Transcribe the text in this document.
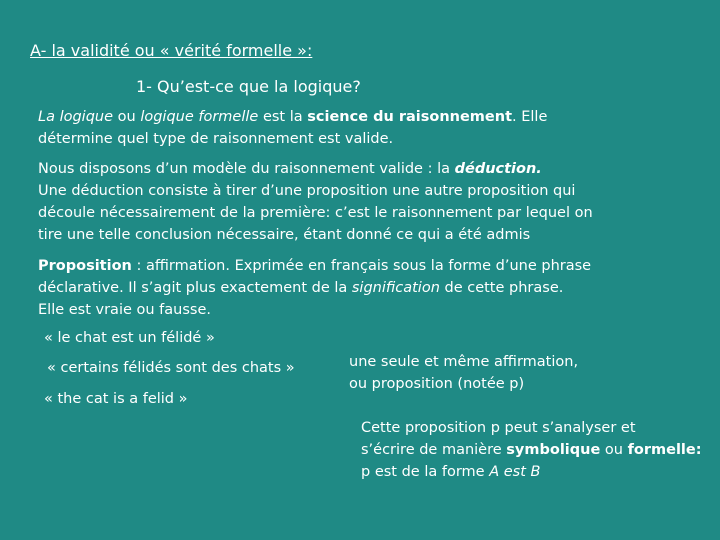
A- la validité ou « vérité formelle »:
1- Qu’est-ce que la logique?
La logique ou logique formelle est la science du raisonnement. Elle
détermine quel type de raisonnement est valide.
Nous disposons d’un modèle du raisonnement valide : la déduction.
Une déduction consiste à tirer d’une proposition une autre proposition qui
découle nécessairement de la première: c’est le raisonnement par lequel on
tire une telle conclusion nécessaire, étant donné ce qui a été admis
Proposition : affirmation. Exprimée en français sous la forme d’une phrase
déclarative. Il s’agit plus exactement de la signification de cette phrase.
Elle est vraie ou fausse.
« le chat est un félidé »
« certains félidés sont des chats »
« the cat is a felid »
une seule et même affirmation,
ou proposition (notée p)
Cette proposition p peut s’analyser et
s’écrire de manière symbolique ou formelle:
p est de la forme A est B
